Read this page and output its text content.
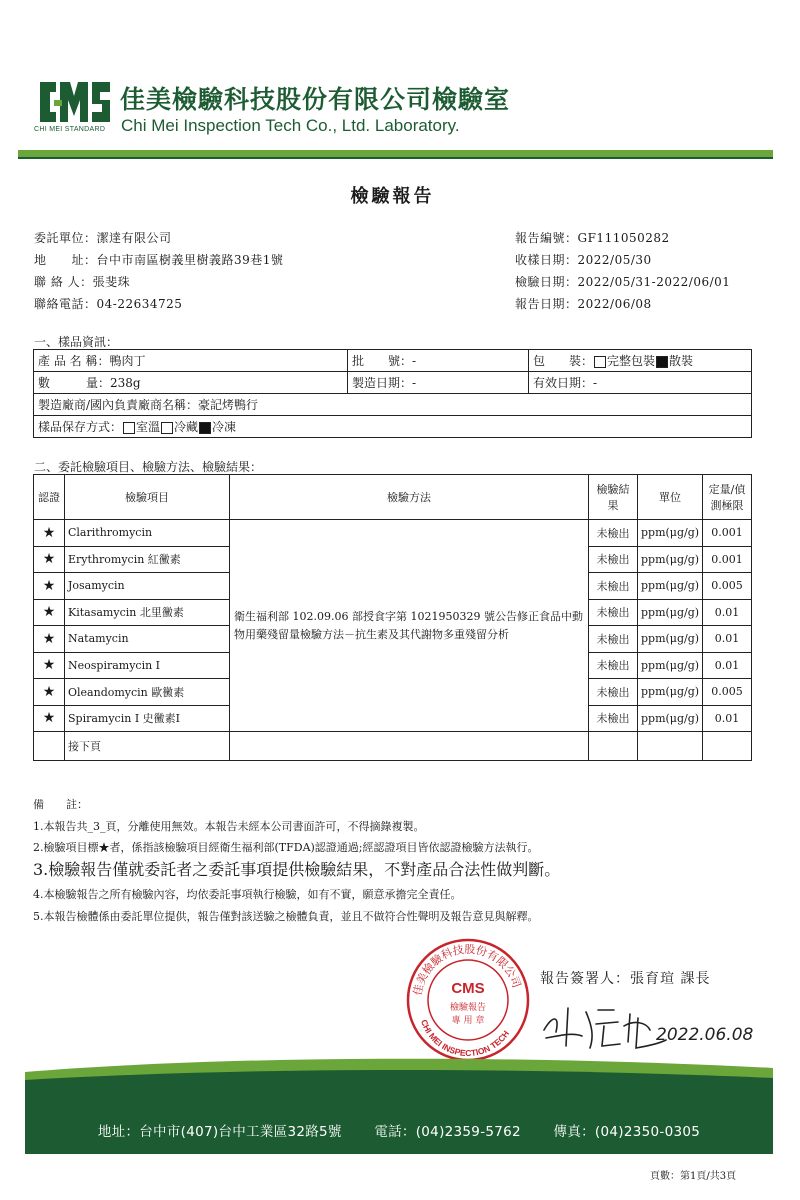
CHI MEI STANDARD
佳美檢驗科技股份有限公司檢驗室
Chi Mei Inspection Tech Co., Ltd. Laboratory.
檢驗報告
委託單位：潔達有限公司
地　　址：台中市南區樹義里樹義路39巷1號
聯 絡 人：張斐珠
聯絡電話：04-22634725
報告編號：GF111050282
收樣日期：2022/05/30
檢驗日期：2022/05/31-2022/06/01
報告日期：2022/06/08
一、樣品資訊：
產 品 名 稱：鴨肉丁	批　　號：-	包　　裝： 完整包裝 散裝
數　　　量：238g	製造日期：-	有效日期：-
製造廠商/國內負責廠商名稱：豪記烤鴨行		
樣品保存方式： 室溫 冷藏 冷凍		
二、委託檢驗項目、檢驗方法、檢驗結果：
認證	檢驗項目	檢驗方法	檢驗結果	單位	定量/偵測極限
★	Clarithromycin	衛生福利部 102.09.06 部授食字第 1021950329 號公告修正食品中動物用藥殘留量檢驗方法－抗生素及其代謝物多重殘留分析	未檢出	ppm(μg/g)	0.001
★	Erythromycin 紅黴素		未檢出	ppm(μg/g)	0.001
★	Josamycin		未檢出	ppm(μg/g)	0.005
★	Kitasamycin 北里黴素		未檢出	ppm(μg/g)	0.01
★	Natamycin		未檢出	ppm(μg/g)	0.01
★	Neospiramycin I		未檢出	ppm(μg/g)	0.01
★	Oleandomycin 歐黴素		未檢出	ppm(μg/g)	0.005
★	Spiramycin I 史黴素I		未檢出	ppm(μg/g)	0.01
	接下頁				
備　　註：
1.本報告共_3_頁，分離使用無效。本報告未經本公司書面許可，不得摘錄複製。
2.檢驗項目標★者，係指該檢驗項目經衛生福利部(TFDA)認證通過;經認證項目皆依認證檢驗方法執行。
3.檢驗報告僅就委託者之委託事項提供檢驗結果，不對產品合法性做判斷。
4.本檢驗報告之所有檢驗內容，均依委託事項執行檢驗，如有不實，願意承擔完全責任。
5.本報告檢體係由委託單位提供，報告僅對該送驗之檢體負責，並且不做符合性聲明及報告意見與解釋。
佳美檢驗科技股份有限公司
CHI MEI INSPECTION TECH
CMS
檢驗報告
專 用 章
報告簽署人：張育瑄 課長
2022.06.08
地址：台中市(407)台中工業區32路5號 電話：(04)2359-5762 傳真：(04)2350-0305
頁數：第1頁/共3頁
